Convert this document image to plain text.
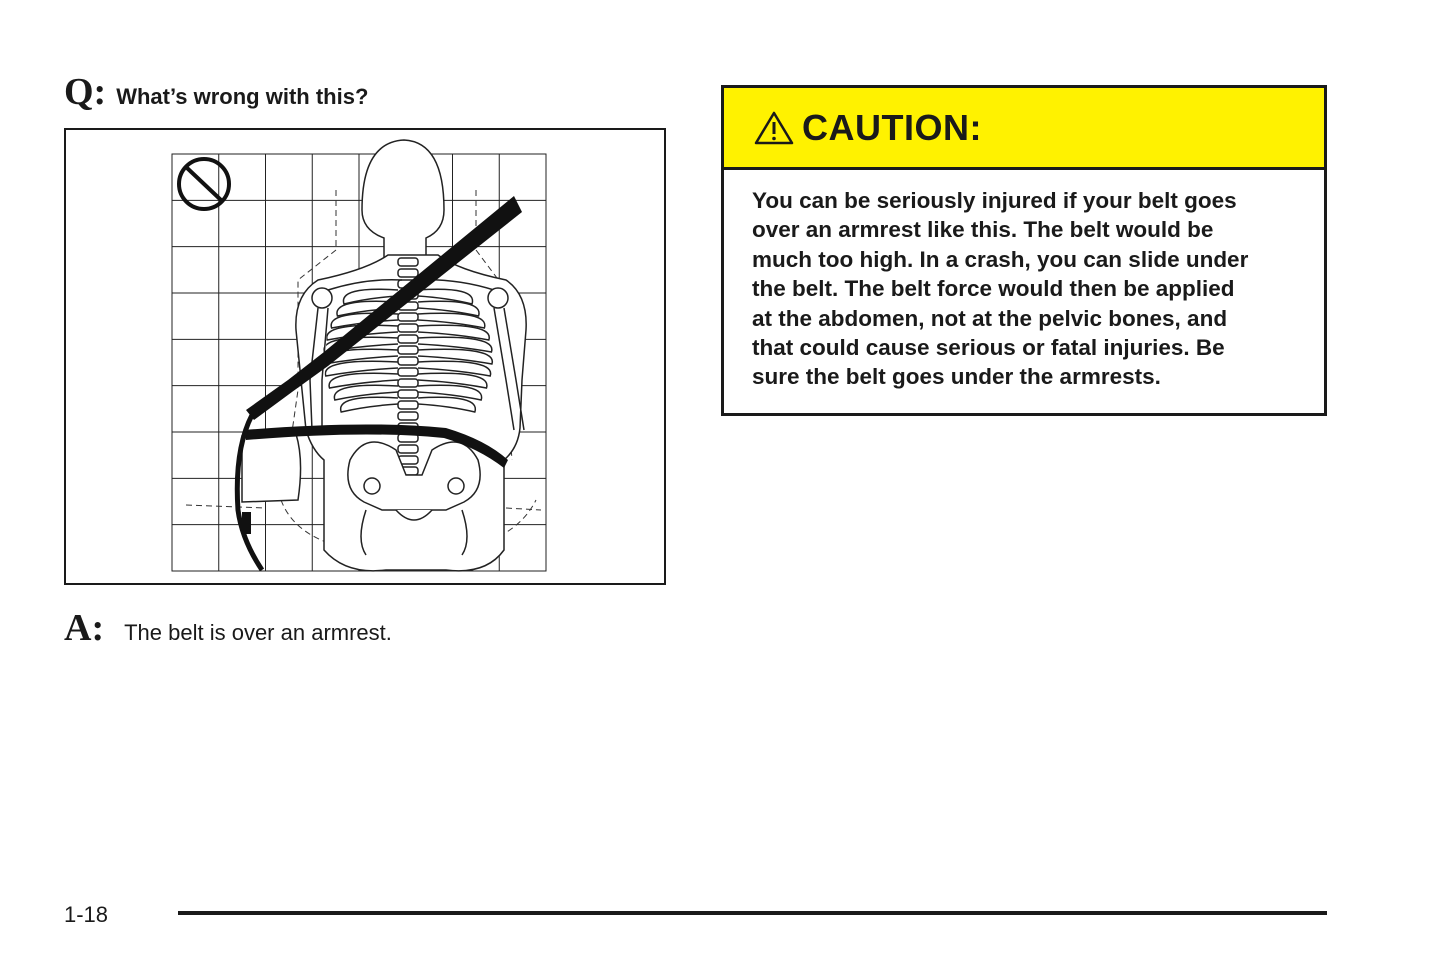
Q: What’s wrong with this?
A: The belt is over an armrest.
CAUTION:
You can be seriously injured if your belt goes
over an armrest like this. The belt would be
much too high. In a crash, you can slide under
the belt. The belt force would then be applied
at the abdomen, not at the pelvic bones, and
that could cause serious or fatal injuries. Be
sure the belt goes under the armrests.
1-18
